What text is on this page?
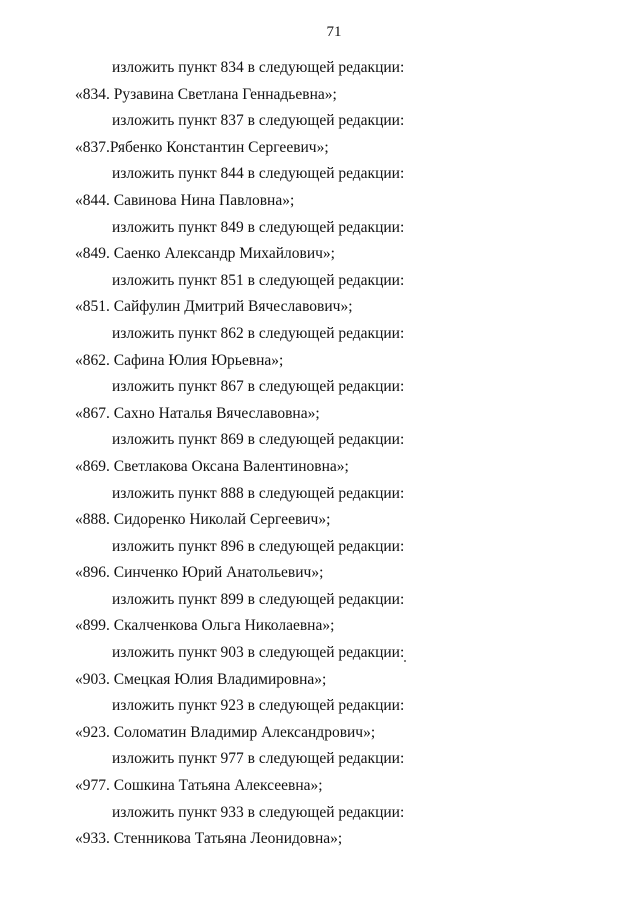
71
изложить пункт 834 в следующей редакции:
«834. Рузавина Светлана Геннадьевна»;
изложить пункт 837 в следующей редакции:
«837.Рябенко Константин Сергеевич»;
изложить пункт 844 в следующей редакции:
«844. Савинова Нина Павловна»;
изложить пункт 849 в следующей редакции:
«849. Саенко Александр Михайлович»;
изложить пункт 851 в следующей редакции:
«851. Сайфулин Дмитрий Вячеславович»;
изложить пункт 862 в следующей редакции:
«862. Сафина Юлия Юрьевна»;
изложить пункт 867 в следующей редакции:
«867. Сахно Наталья Вячеславовна»;
изложить пункт 869 в следующей редакции:
«869. Светлакова Оксана Валентиновна»;
изложить пункт 888 в следующей редакции:
«888. Сидоренко Николай Сергеевич»;
изложить пункт 896 в следующей редакции:
«896. Синченко Юрий Анатольевич»;
изложить пункт 899 в следующей редакции:
«899. Скалченкова Ольга Николаевна»;
изложить пункт 903 в следующей редакции:
«903. Смецкая Юлия Владимировна»;
изложить пункт 923 в следующей редакции:
«923. Соломатин Владимир Александрович»;
изложить пункт 977 в следующей редакции:
«977. Сошкина Татьяна Алексеевна»;
изложить пункт 933 в следующей редакции:
«933. Стенникова Татьяна Леонидовна»;
